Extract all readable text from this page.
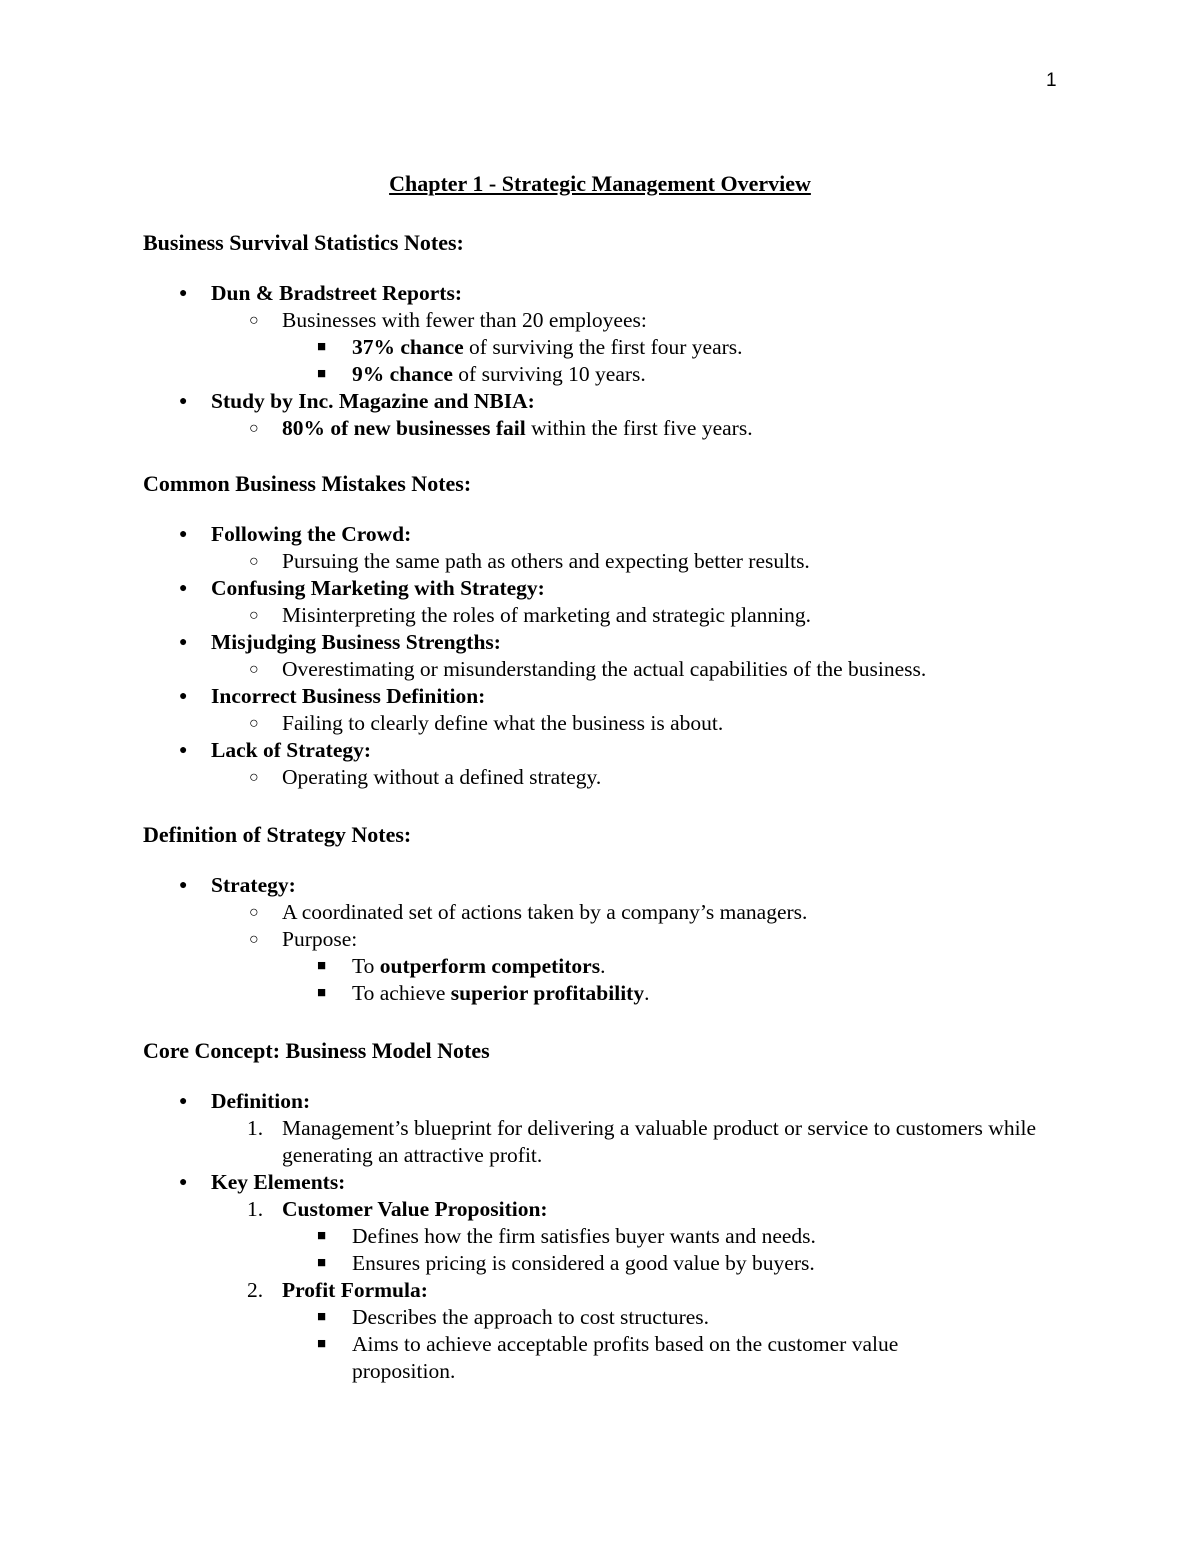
1
Chapter 1 - Strategic Management Overview
Business Survival Statistics Notes:
●	Dun & Bradstreet Reports:
○	Businesses with fewer than 20 employees:
■	37% chance of surviving the first four years.
■	9% chance of surviving 10 years.
●	Study by Inc. Magazine and NBIA:
○	80% of new businesses fail within the first five years.
Common Business Mistakes Notes:
●	Following the Crowd:
○	Pursuing the same path as others and expecting better results.
●	Confusing Marketing with Strategy:
○	Misinterpreting the roles of marketing and strategic planning.
●	Misjudging Business Strengths:
○	Overestimating or misunderstanding the actual capabilities of the business.
●	Incorrect Business Definition:
○	Failing to clearly define what the business is about.
●	Lack of Strategy:
○	Operating without a defined strategy.
Definition of Strategy Notes:
●	Strategy:
○	A coordinated set of actions taken by a company’s managers.
○	Purpose:
■	To outperform competitors.
■	To achieve superior profitability.
Core Concept: Business Model Notes
●	Definition:
1. Management’s blueprint for delivering a valuable product or service to customers while generating an attractive profit.
●	Key Elements:
1. Customer Value Proposition:
■	Defines how the firm satisfies buyer wants and needs.
■	Ensures pricing is considered a good value by buyers.
2. Profit Formula:
■	Describes the approach to cost structures.
■	Aims to achieve acceptable profits based on the customer value proposition.
